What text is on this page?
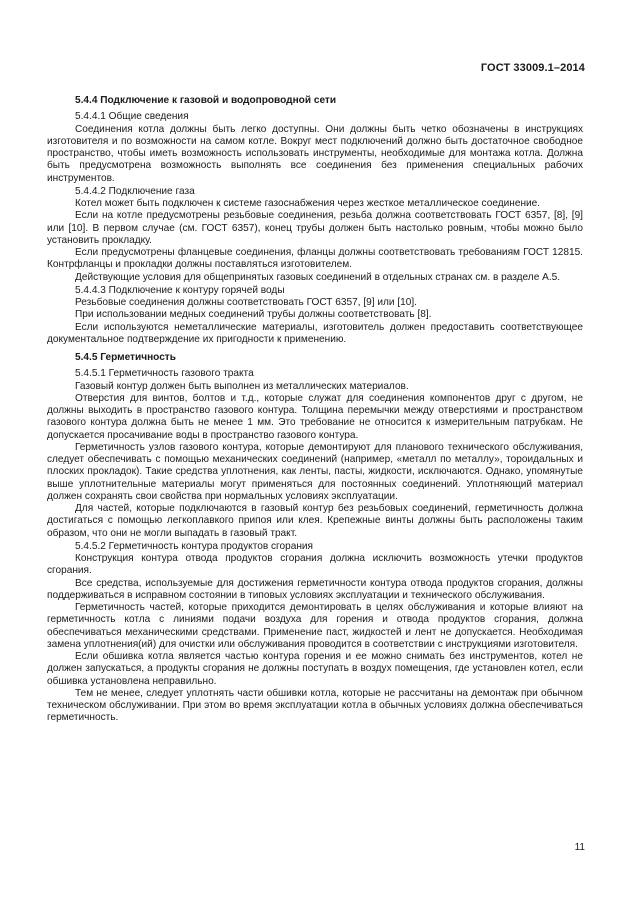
ГОСТ 33009.1–2014

5.4.4 Подключение к газовой и водопроводной сети

5.4.4.1 Общие сведения

Соединения котла должны быть легко доступны. Они должны быть четко обозначены в инструкциях изготовителя и по возможности на самом котле. Вокруг мест подключений должно быть достаточное свободное пространство, чтобы иметь возможность использовать инструменты, необходимые для монтажа котла. Должна быть предусмотрена возможность выполнять все соединения без применения специальных рабочих инструментов.

5.4.4.2 Подключение газа

Котел может быть подключен к системе газоснабжения через жесткое металлическое соединение.

Если на котле предусмотрены резьбовые соединения, резьба должна соответствовать ГОСТ 6357, [8], [9] или [10]. В первом случае (см. ГОСТ 6357), конец трубы должен быть настолько ровным, чтобы можно было установить прокладку.

Если предусмотрены фланцевые соединения, фланцы должны соответствовать требованиям ГОСТ 12815. Контрфланцы и прокладки должны поставляться изготовителем.

Действующие условия для общепринятых газовых соединений в отдельных странах см. в разделе А.5.

5.4.4.3 Подключение к контуру горячей воды

Резьбовые соединения должны соответствовать ГОСТ 6357, [9] или [10].

При использовании медных соединений трубы должны соответствовать [8].

Если используются неметаллические материалы, изготовитель должен предоставить соответствующее документальное подтверждение их пригодности к применению.

5.4.5 Герметичность

5.4.5.1 Герметичность газового тракта

Газовый контур должен быть выполнен из металлических материалов.

Отверстия для винтов, болтов и т.д., которые служат для соединения компонентов друг с другом, не должны выходить в пространство газового контура. Толщина перемычки между отверстиями и пространством газового контура должна быть не менее 1 мм. Это требование не относится к измерительным патрубкам. Не допускается просачивание воды в пространство газового контура.

Герметичность узлов газового контура, которые демонтируют для планового технического обслуживания, следует обеспечивать с помощью механических соединений (например, «металл по металлу», тороидальных и плоских прокладок). Такие средства уплотнения, как ленты, пасты, жидкости, исключаются. Однако, упомянутые выше уплотнительные материалы могут применяться для постоянных соединений. Уплотняющий материал должен сохранять свои свойства при нормальных условиях эксплуатации.

Для частей, которые подключаются в газовый контур без резьбовых соединений, герметичность должна достигаться с помощью легкоплавкого припоя или клея. Крепежные винты должны быть расположены таким образом, что они не могли выпадать в газовый тракт.

5.4.5.2 Герметичность контура продуктов сгорания

Конструкция контура отвода продуктов сгорания должна исключить возможность утечки продуктов сгорания.

Все средства, используемые для достижения герметичности контура отвода продуктов сгорания, должны поддерживаться в исправном состоянии в типовых условиях эксплуатации и технического обслуживания.

Герметичность частей, которые приходится демонтировать в целях обслуживания и которые влияют на герметичность котла с линиями подачи воздуха для горения и отвода продуктов сгорания, должна обеспечиваться механическими средствами. Применение паст, жидкостей и лент не допускается. Необходимая замена уплотнения(ий) для очистки или обслуживания проводится в соответствии с инструкциями изготовителя.

Если обшивка котла является частью контура горения и ее можно снимать без инструментов, котел не должен запускаться, а продукты сгорания не должны поступать в воздух помещения, где установлен котел, если обшивка установлена неправильно.

Тем не менее, следует уплотнять части обшивки котла, которые не рассчитаны на демонтаж при обычном техническом обслуживании. При этом во время эксплуатации котла в обычных условиях должна обеспечиваться герметичность.

11
